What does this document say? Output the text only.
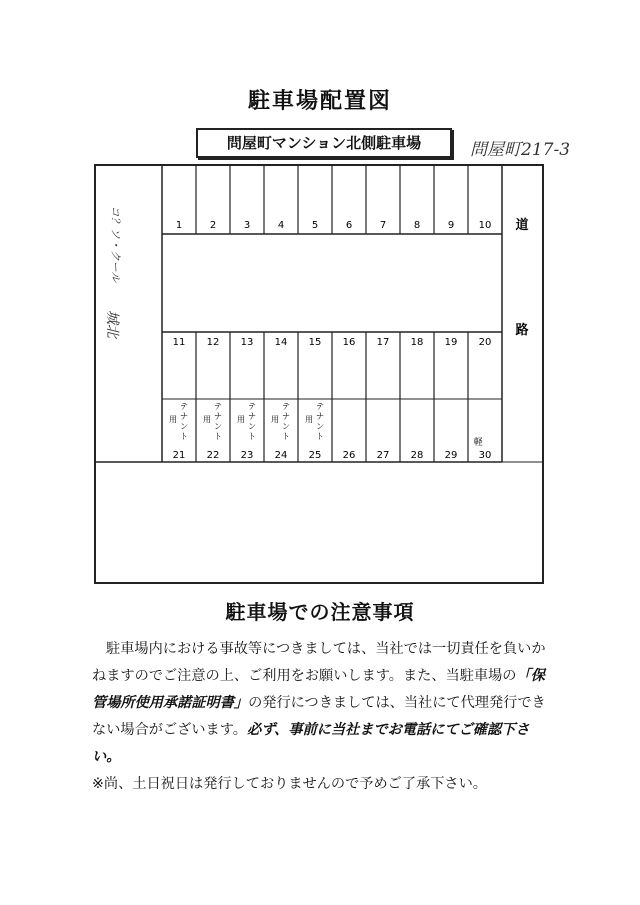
駐車場配置図
問屋町マンション北側駐車場	問屋町217-3
1	2	3	4	5	6	7	8	9 10
11 12 13 14 15 16 17 18 19 20
21 22 23 24 25 26 27 28 29 30
テ
ナ
ン
ト
用
テ
ナ
ン
ト
用
テ
ナ
ン
ト
用
テ
ナ
ン
ト
用
テ
ナ
ン
ト
用
軽
道
路
コ？ソ・クール
城北
駐車場での注意事項

駐車場内における事故等につきましては、当社では一切責任を負いかねますのでご注意の上、ご利用をお願いします。また、当駐車場の「保管場所使用承諾証明書」の発行につきましては、当社にて代理発行できない場合がございます。必ず、事前に当社までお電話にてご確認下さい。

※尚、土日祝日は発行しておりませんので予めご了承下さい。
